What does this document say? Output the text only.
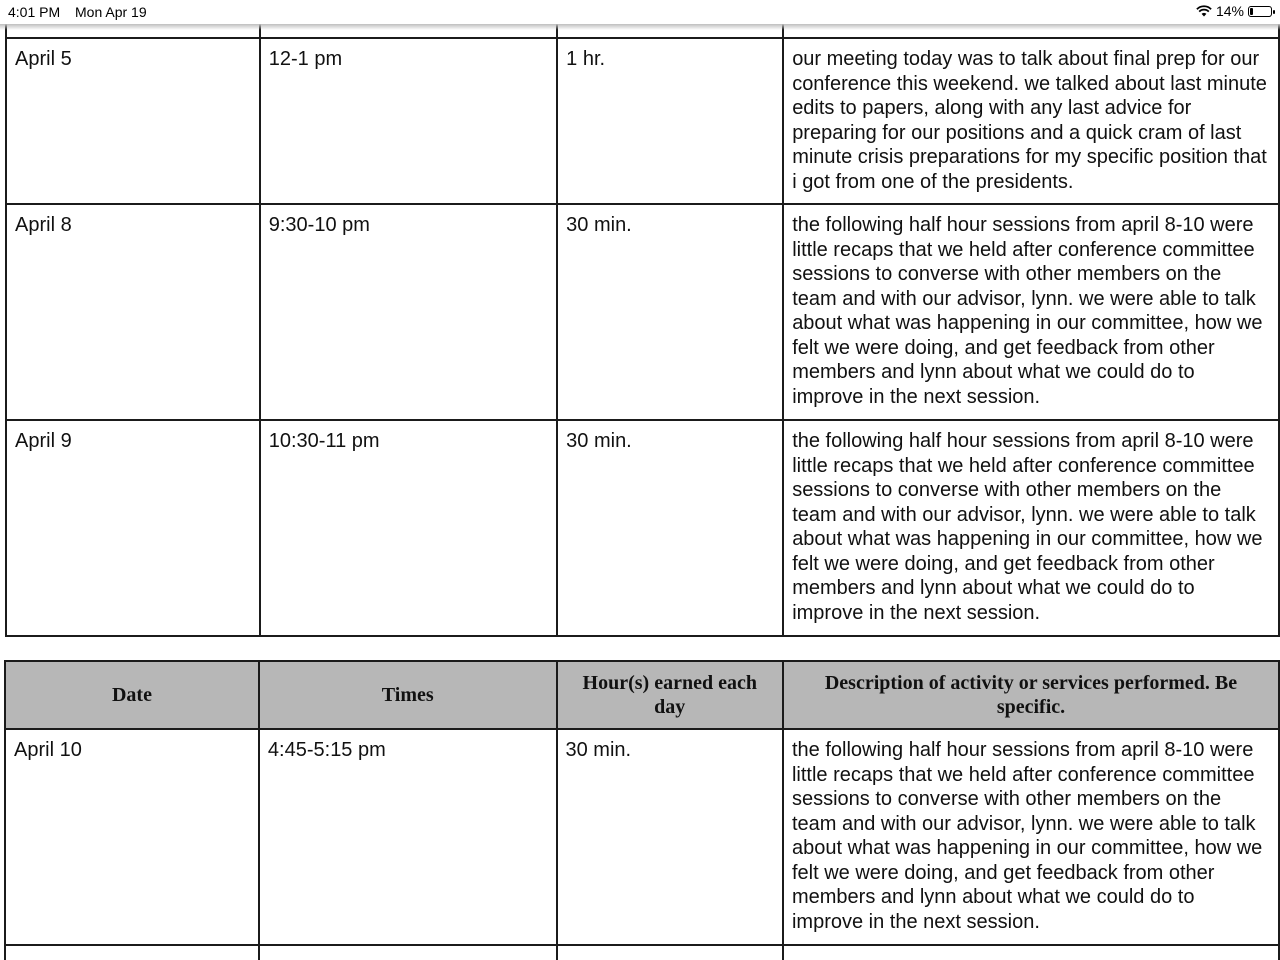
April 5	12-1 pm	1 hr.	our meeting today was to talk about final prep for our conference this weekend. we talked about last minute edits to papers, along with any last advice for preparing for our positions and a quick cram of last minute crisis preparations for my specific position that i got from one of the presidents.
April 8	9:30-10 pm	30 min.	the following half hour sessions from april 8-10 were little recaps that we held after conference committee sessions to converse with other members on the team and with our advisor, lynn. we were able to talk about what was happening in our committee, how we felt we were doing, and get feedback from other members and lynn about what we could do to improve in the next session.
April 9	10:30-11 pm	30 min.	the following half hour sessions from april 8-10 were little recaps that we held after conference committee sessions to converse with other members on the team and with our advisor, lynn. we were able to talk about what was happening in our committee, how we felt we were doing, and get feedback from other members and lynn about what we could do to improve in the next session.
Date	Times	Hour(s) earned each day	Description of activity or services performed. Be specific.
April 10	4:45-5:15 pm	30 min.	the following half hour sessions from april 8-10 were little recaps that we held after conference committee sessions to converse with other members on the team and with our advisor, lynn. we were able to talk about what was happening in our committee, how we felt we were doing, and get feedback from other members and lynn about what we could do to improve in the next session.

4:01 PM Mon Apr 19	14%
